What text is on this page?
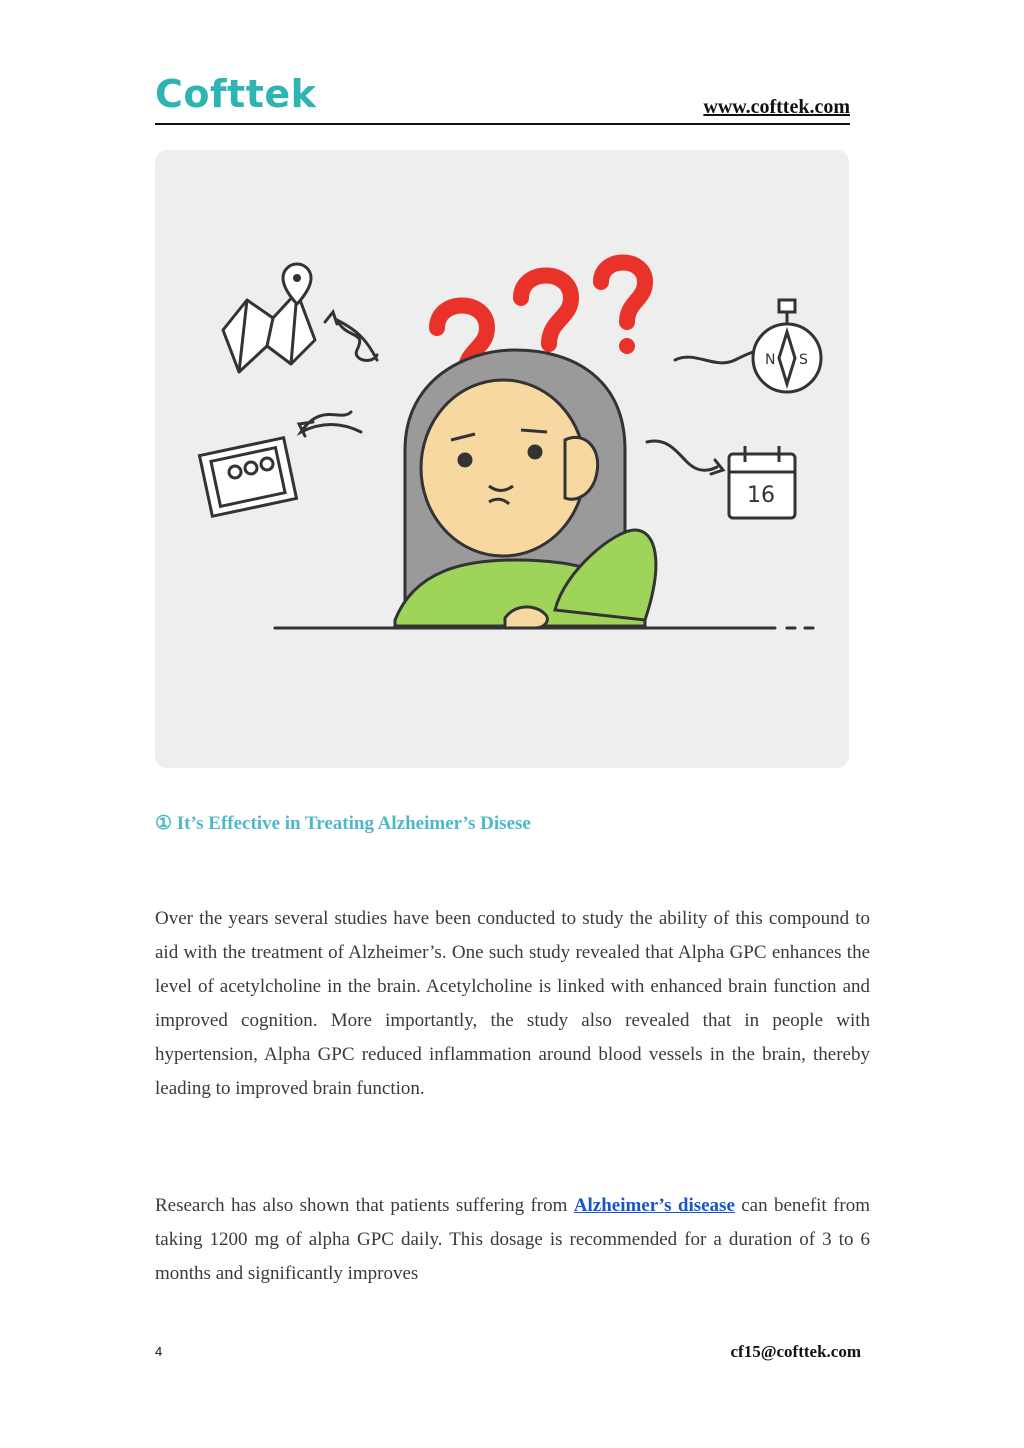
Cofttek	www.cofttek.com
N S
16
① It’s Effective in Treating Alzheimer’s Disese

Over the years several studies have been conducted to study the ability of this compound to aid with the treatment of Alzheimer’s. One such study revealed that Alpha GPC enhances the level of acetylcholine in the brain. Acetylcholine is linked with enhanced brain function and improved cognition. More importantly, the study also revealed that in people with hypertension, Alpha GPC reduced inflammation around blood vessels in the brain, thereby leading to improved brain function.

Research has also shown that patients suffering from Alzheimer’s disease can benefit from taking 1200 mg of alpha GPC daily. This dosage is recommended for a duration of 3 to 6 months and significantly improves

4	cf15@cofttek.com
